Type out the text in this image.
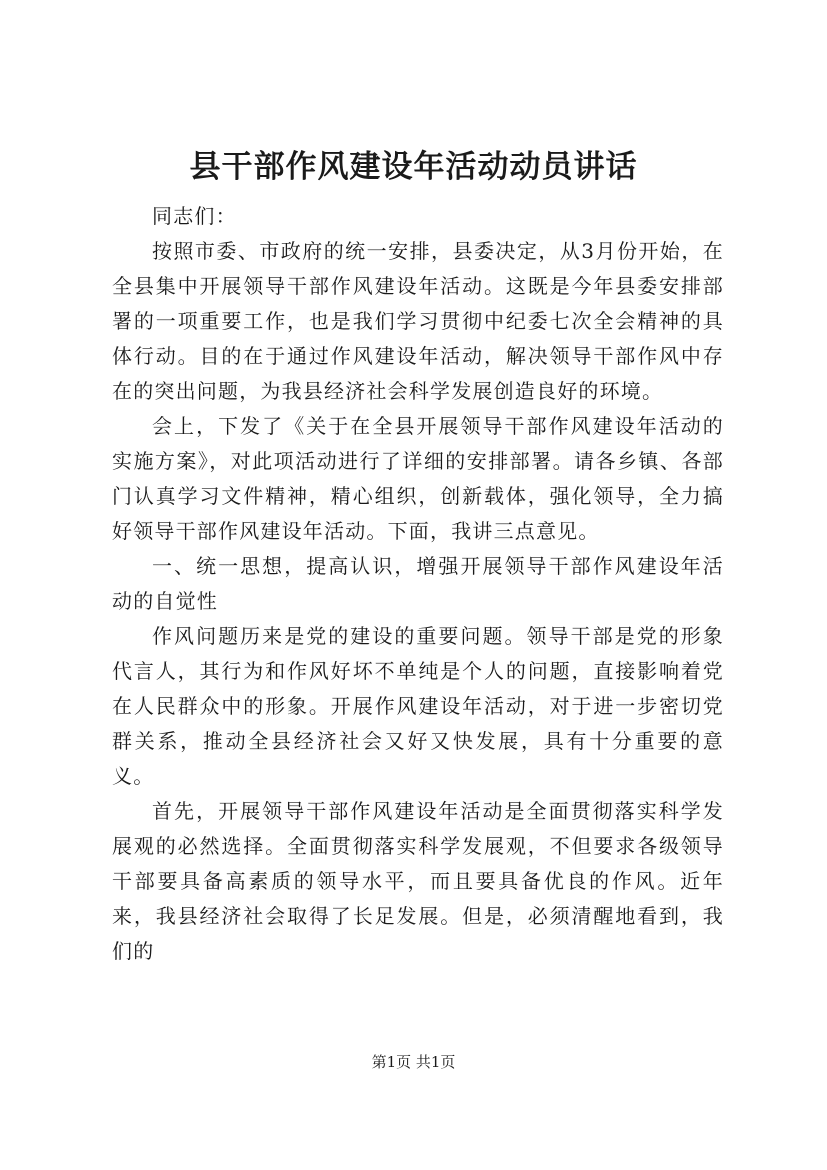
县干部作风建设年活动动员讲话

同志们：

按照市委、市政府的统一安排，县委决定，从3月份开始，在全县集中开展领导干部作风建设年活动。这既是今年县委安排部署的一项重要工作，也是我们学习贯彻中纪委七次全会精神的具体行动。目的在于通过作风建设年活动，解决领导干部作风中存在的突出问题，为我县经济社会科学发展创造良好的环境。

会上，下发了《关于在全县开展领导干部作风建设年活动的实施方案》，对此项活动进行了详细的安排部署。请各乡镇、各部门认真学习文件精神，精心组织，创新载体，强化领导，全力搞好领导干部作风建设年活动。下面，我讲三点意见。

一、统一思想，提高认识，增强开展领导干部作风建设年活动的自觉性

作风问题历来是党的建设的重要问题。领导干部是党的形象代言人，其行为和作风好坏不单纯是个人的问题，直接影响着党在人民群众中的形象。开展作风建设年活动，对于进一步密切党群关系，推动全县经济社会又好又快发展，具有十分重要的意义。

首先，开展领导干部作风建设年活动是全面贯彻落实科学发展观的必然选择。全面贯彻落实科学发展观，不但要求各级领导干部要具备高素质的领导水平，而且要具备优良的作风。近年来，我县经济社会取得了长足发展。但是，必须清醒地看到，我们的

第1页 共1页
